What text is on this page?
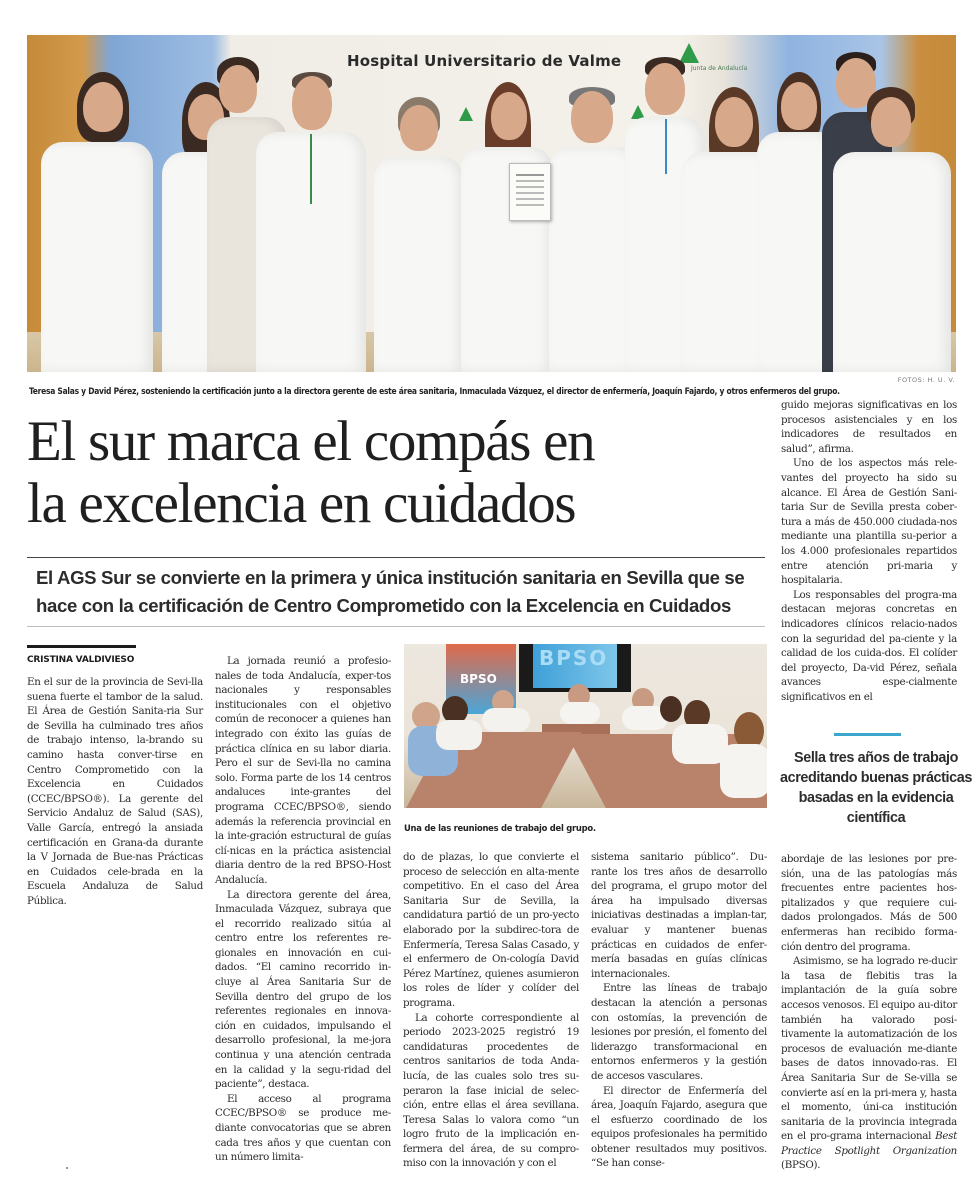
Hospital Universitario de Valme	Junta de Andalucía
FOTOS: H. U. V.
Teresa Salas y David Pérez, sosteniendo la certificación junto a la directora gerente de este área sanitaria, Inmaculada Vázquez, el director de enfermería, Joaquín Fajardo, y otros enfermeros del grupo.
El sur marca el compás en
la excelencia en cuidados
El AGS Sur se convierte en la primera y única institución sanitaria en Sevilla que se
hace con la certificación de Centro Comprometido con la Excelencia en Cuidados
CRISTINA VALDIVIESO

En el sur de la provincia de Sevi-lla suena fuerte el tambor de la salud. El Área de Gestión Sanita-ria Sur de Sevilla ha culminado tres años de trabajo intenso, la-brando su camino hasta conver-tirse en Centro Comprometido con la Excelencia en Cuidados (CCEC/BPSO®). La gerente del Servicio Andaluz de Salud (SAS), Valle García, entregó la ansiada certificación en Grana-da durante la V Jornada de Bue-nas Prácticas en Cuidados cele-brada en la Escuela Andaluza de Salud Pública.

La jornada reunió a profesio-nales de toda Andalucía, exper-tos nacionales y responsables institucionales con el objetivo común de reconocer a quienes han integrado con éxito las guías de práctica clínica en su labor diaria. Pero el sur de Sevi-lla no camina solo. Forma parte de los 14 centros andaluces inte-grantes del programa CCEC/BPSO®, siendo además la referencia provincial en la inte-gración estructural de guías clí-nicas en la práctica asistencial diaria dentro de la red BPSO-Host Andalucía.

La directora gerente del área, Inmaculada Vázquez, subraya que el recorrido realizado sitúa al centro entre los referentes re-gionales en innovación en cui-dados. “El camino recorrido in-cluye al Área Sanitaria Sur de Sevilla dentro del grupo de los referentes regionales en innova-ción en cuidados, impulsando el desarrollo profesional, la me-jora continua y una atención centrada en la calidad y la segu-ridad del paciente”, destaca.

El acceso al programa CCEC/BPSO® se produce me-diante convocatorias que se abren cada tres años y que cuentan con un número limita-

BPSO
BPSO
Una de las reuniones de trabajo del grupo.

do de plazas, lo que convierte el proceso de selección en alta-mente competitivo. En el caso del Área Sanitaria Sur de Sevilla, la candidatura partió de un pro-yecto elaborado por la subdirec-tora de Enfermería, Teresa Salas Casado, y el enfermero de On-cología David Pérez Martínez, quienes asumieron los roles de líder y colíder del programa.

La cohorte correspondiente al periodo 2023-2025 registró 19 candidaturas procedentes de centros sanitarios de toda Anda-lucía, de las cuales solo tres su-peraron la fase inicial de selec-ción, entre ellas el área sevillana. Teresa Salas lo valora como “un logro fruto de la implicación en-fermera del área, de su compro-miso con la innovación y con el

sistema sanitario público”. Du-rante los tres años de desarrollo del programa, el grupo motor del área ha impulsado diversas iniciativas destinadas a implan-tar, evaluar y mantener buenas prácticas en cuidados de enfer-mería basadas en guías clínicas internacionales.

Entre las líneas de trabajo destacan la atención a personas con ostomías, la prevención de lesiones por presión, el fomento del liderazgo transformacional en entornos enfermeros y la gestión de accesos vasculares.

El director de Enfermería del área, Joaquín Fajardo, asegura que el esfuerzo coordinado de los equipos profesionales ha permitido obtener resultados muy positivos. “Se han conse-

guido mejoras significativas en los procesos asistenciales y en los indicadores de resultados en salud”, afirma.

Uno de los aspectos más rele-vantes del proyecto ha sido su alcance. El Área de Gestión Sani-taria Sur de Sevilla presta cober-tura a más de 450.000 ciudada-nos mediante una plantilla su-perior a los 4.000 profesionales repartidos entre atención pri-maria y hospitalaria.

Los responsables del progra-ma destacan mejoras concretas en indicadores clínicos relacio-nados con la seguridad del pa-ciente y la calidad de los cuida-dos. El colíder del proyecto, Da-vid Pérez, señala avances espe-cialmente significativos en el

Sella tres años de trabajo acreditando buenas prácticas basadas en la evidencia científica

abordaje de las lesiones por pre-sión, una de las patologías más frecuentes entre pacientes hos-pitalizados y que requiere cui-dados prolongados. Más de 500 enfermeras han recibido forma-ción dentro del programa.

Asimismo, se ha logrado re-ducir la tasa de flebitis tras la implantación de la guía sobre accesos venosos. El equipo au-ditor también ha valorado posi-tivamente la automatización de los procesos de evaluación me-diante bases de datos innovado-ras. El Área Sanitaria Sur de Se-villa se convierte así en la pri-mera y, hasta el momento, úni-ca institución sanitaria de la provincia integrada en el pro-grama internacional Best Practice Spotlight Organization (BPSO).
